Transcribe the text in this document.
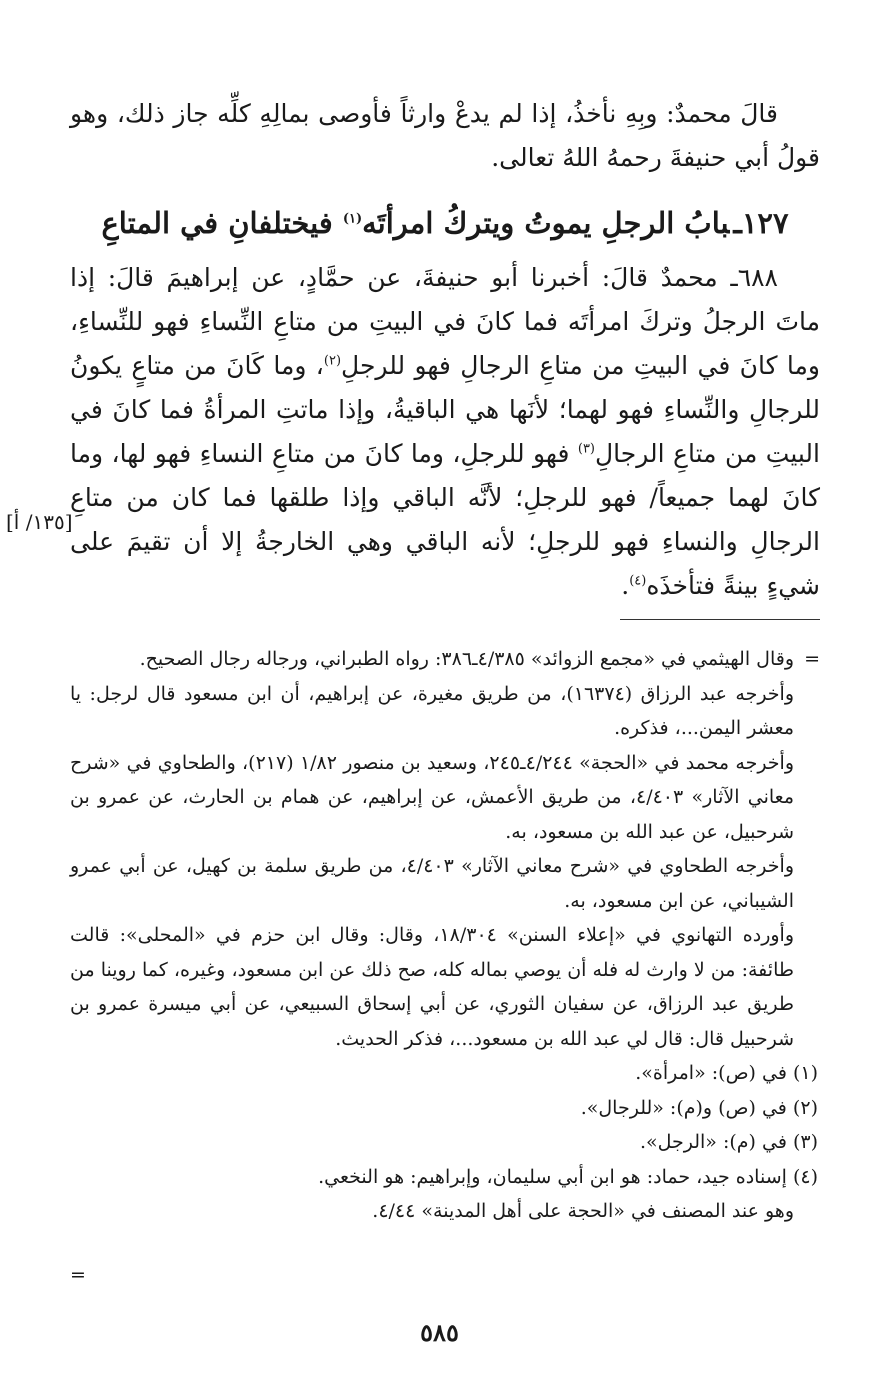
قالَ محمدٌ: وبِهِ نأخذُ، إذا لم يدعْ وارثاً فأوصى بمالِهِ كلِّه جاز ذلك، وهو قولُ أبي حنيفةَ رحمهُ اللهُ تعالى.

١٢٧ـبابُ الرجلِ يموتُ ويتركُ امرأتَه$^{(١)}$ فيختلفانِ في المتاعِ

٦٨٨ـ محمدٌ قالَ: أخبرنا أبو حنيفةَ، عن حمَّادٍ، عن إبراهيمَ قالَ: إذا ماتَ الرجلُ وتركَ امرأتَه فما كانَ في البيتِ من متاعِ النِّساءِ فهو للنِّساءِ، وما كانَ في البيتِ من متاعِ الرجالِ فهو للرجلِ$^{(٢)}$، وما كَانَ من متاعٍ يكونُ للرجالِ والنِّساءِ فهو لهما؛ لأنَها هي الباقيةُ، وإذا ماتتِ المرأةُ فما كانَ في البيتِ من متاعِ الرجالِ$^{(٣)}$ فهو للرجلِ، وما كانَ من متاعِ النساءِ فهو لها، وما كانَ لهما جميعاً/ فهو للرجلِ؛ لأنَّه الباقي وإذا طلقها فما كان من متاعِ الرجالِ والنساءِ فهو للرجلِ؛ لأنه الباقي وهي الخارجةُ إلا أن تقيمَ على شيءٍ بينةً فتأخذَه$^{(٤)}$.

[١٣٥/ أ]

=
وقال الهيثمي في «مجمع الزوائد» ٤/٣٨٥ـ٣٨٦: رواه الطبراني، ورجاله رجال الصحيح.

وأخرجه عبد الرزاق (١٦٣٧٤)، من طريق مغيرة، عن إبراهيم، أن ابن مسعود قال لرجل: يا معشر اليمن...، فذكره.

وأخرجه محمد في «الحجة» ٤/٢٤٤ـ٢٤٥، وسعيد بن منصور ١/٨٢ (٢١٧)، والطحاوي في «شرح معاني الآثار» ٤/٤٠٣، من طريق الأعمش، عن إبراهيم، عن همام بن الحارث، عن عمرو بن شرحبيل، عن عبد الله بن مسعود، به.

وأخرجه الطحاوي في «شرح معاني الآثار» ٤/٤٠٣، من طريق سلمة بن كهيل، عن أبي عمرو الشيباني، عن ابن مسعود، به.

وأورده التهانوي في «إعلاء السنن» ١٨/٣٠٤، وقال: وقال ابن حزم في «المحلى»: قالت طائفة: من لا وارث له فله أن يوصي بماله كله، صح ذلك عن ابن مسعود، وغيره، كما روينا من طريق عبد الرزاق، عن سفيان الثوري، عن أبي إسحاق السبيعي، عن أبي ميسرة عمرو بن شرحبيل قال: قال لي عبد الله بن مسعود...، فذكر الحديث.

(١) في (ص): «امرأة».

(٢) في (ص) و(م): «للرجال».

(٣) في (م): «الرجل».

(٤) إسناده جيد، حماد: هو ابن أبي سليمان، وإبراهيم: هو النخعي.

وهو عند المصنف في «الحجة على أهل المدينة» ٤/٤٤.

=
٥٨٥
